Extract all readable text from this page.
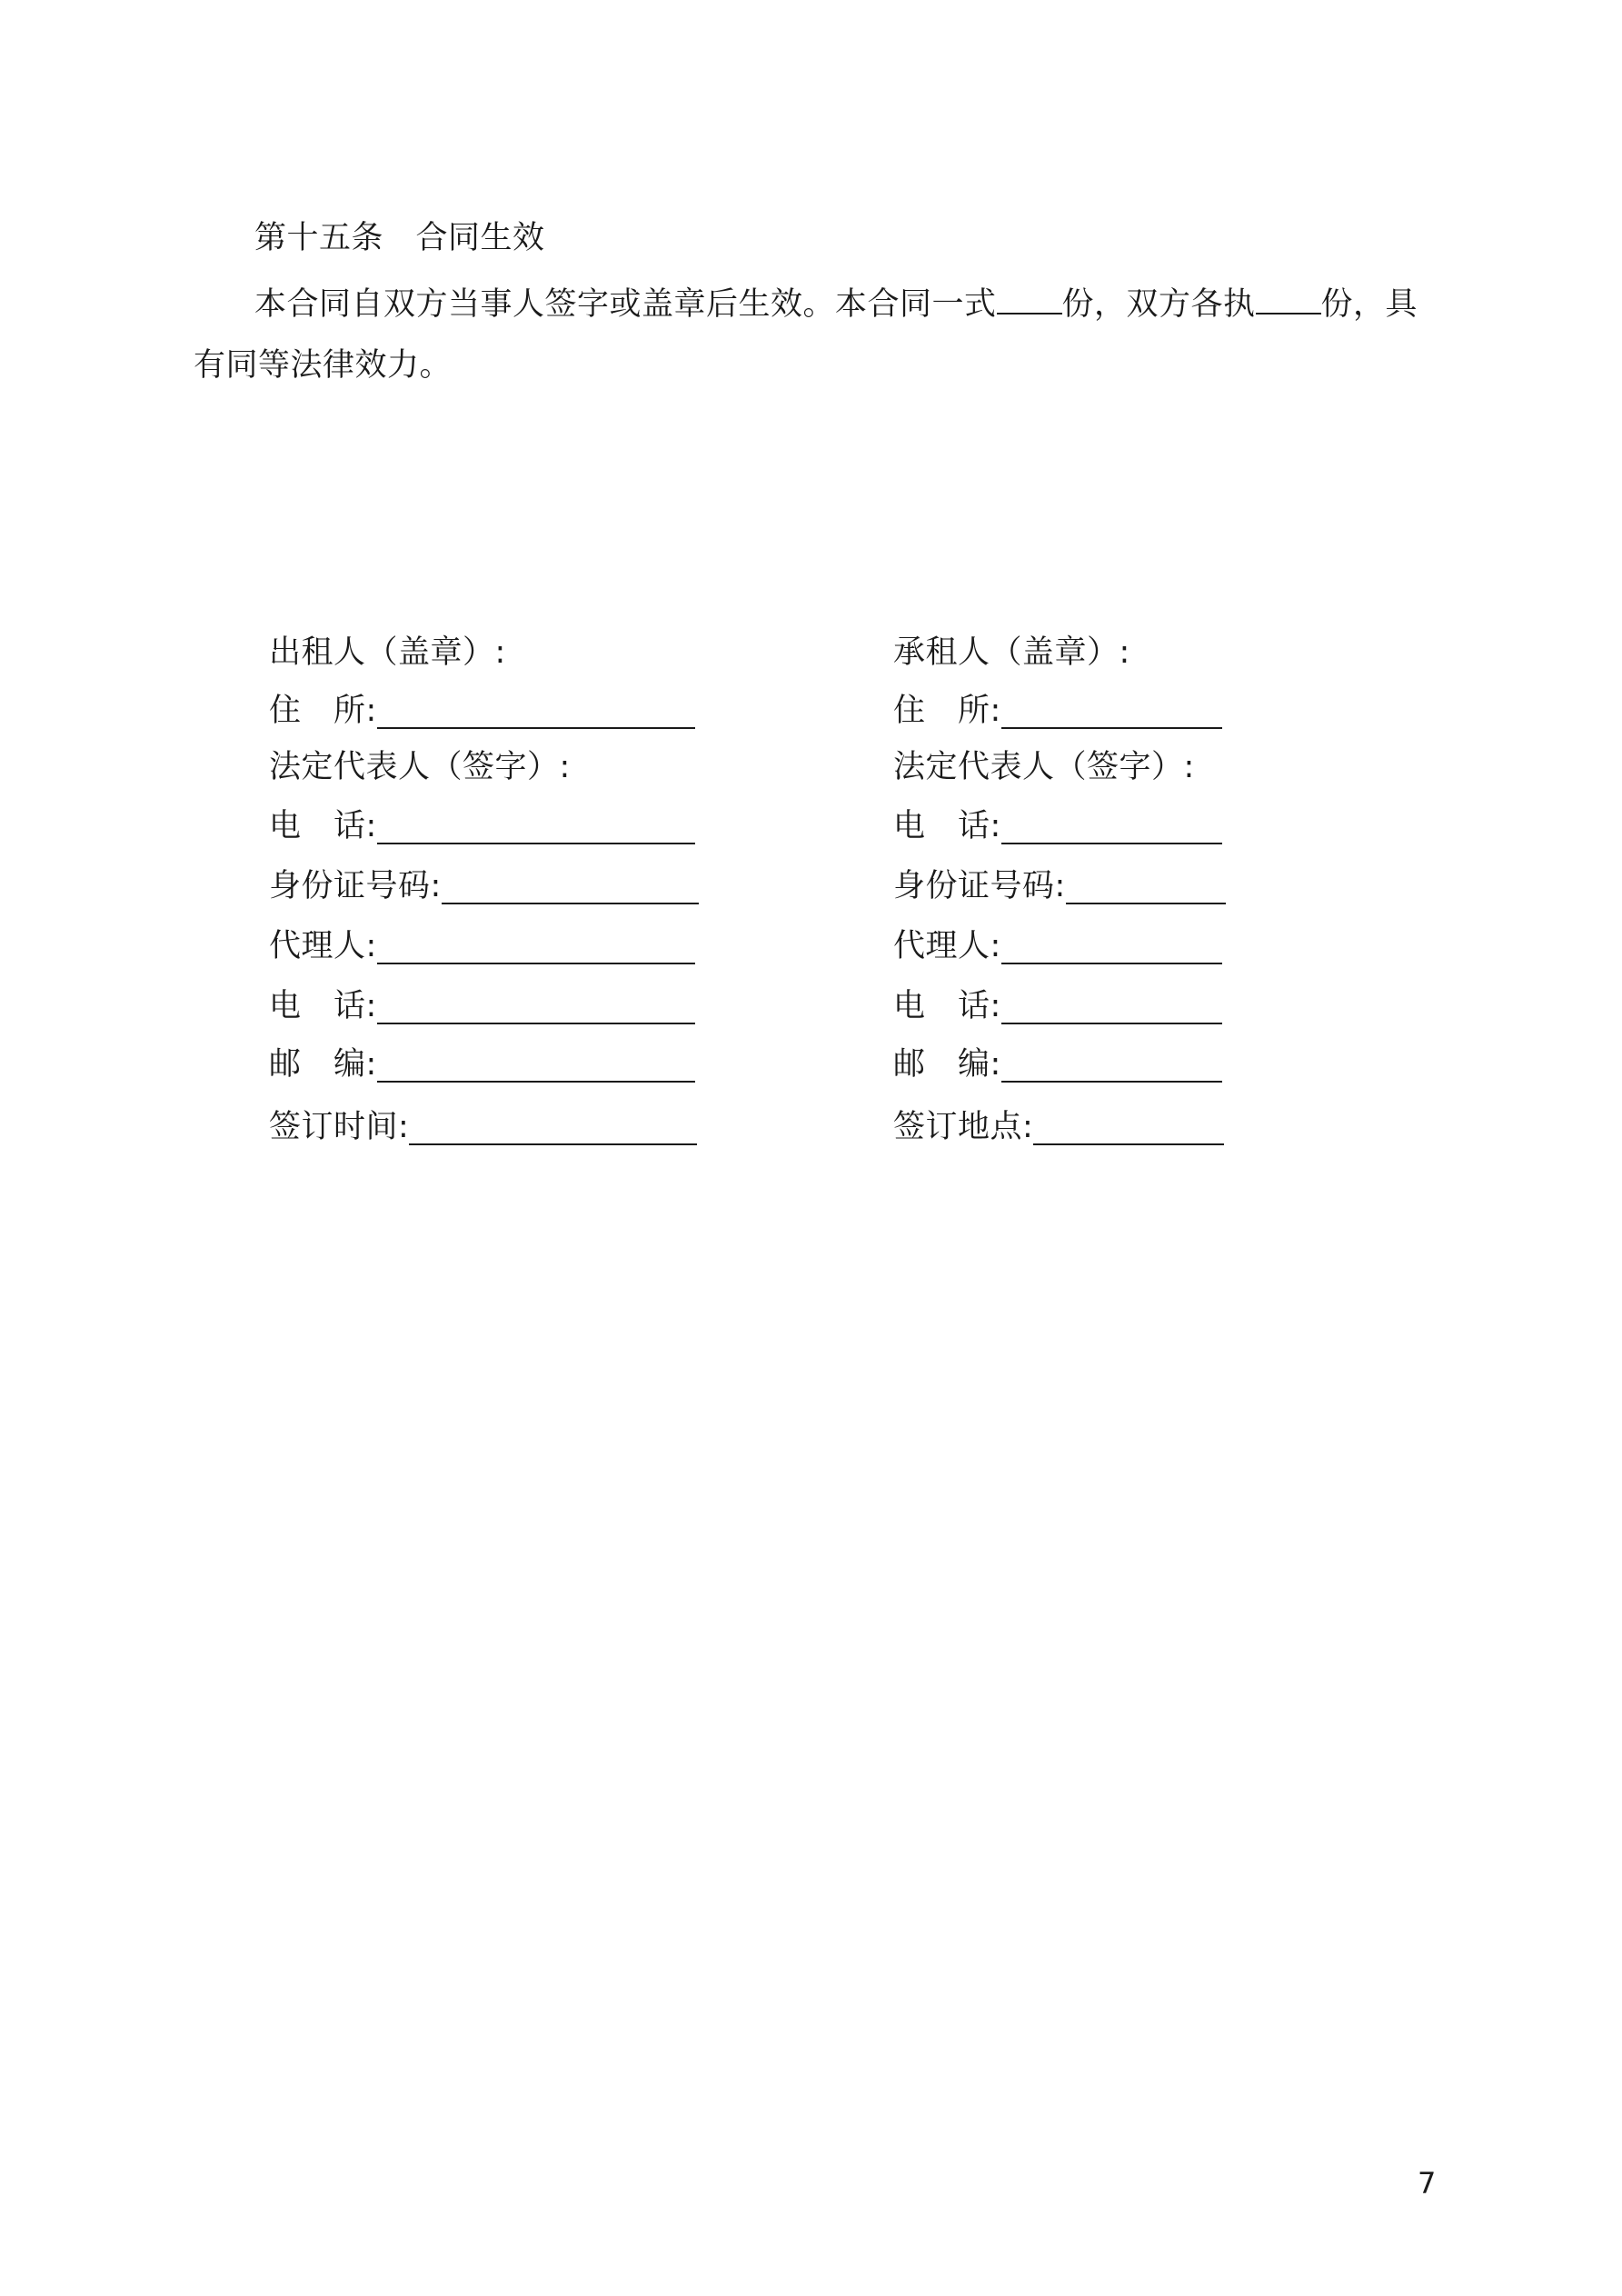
第十五条　合同生效
本合同自双方当事人签字或盖章后生效。本合同一式 份，双方各执 份，具有同等法律效力。
出租人（盖章）:
住　所:
法定代表人（签字）:
电　话:
身份证号码:
代理人:
电　话:
邮　编:
签订时间:
承租人（盖章）:
住　所:
法定代表人（签字）:
电　话:
身份证号码:
代理人:
电　话:
邮　编:
签订地点:
7
